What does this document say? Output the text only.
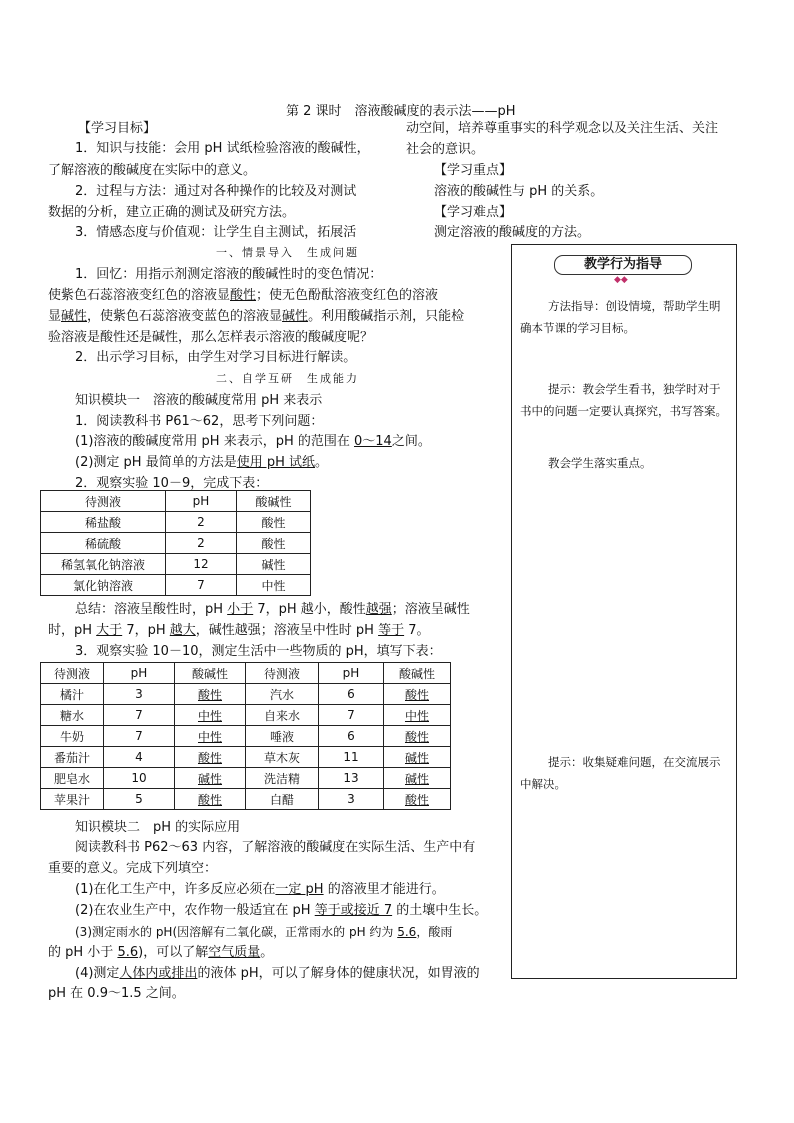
第 2 课时　溶液酸碱度的表示法——pH
【学习目标】
1．知识与技能：会用 pH 试纸检验溶液的酸碱性，
了解溶液的酸碱度在实际中的意义。
2．过程与方法：通过对各种操作的比较及对测试
数据的分析，建立正确的测试及研究方法。
3．情感态度与价值观：让学生自主测试，拓展活
动空间，培养尊重事实的科学观念以及关注生活、关注
社会的意识。
【学习重点】
溶液的酸碱性与 pH 的关系。
【学习难点】
测定溶液的酸碱度的方法。
一、情景导入　生成问题
1．回忆：用指示剂测定溶液的酸碱性时的变色情况：
使紫色石蕊溶液变红色的溶液显酸性；使无色酚酞溶液变红色的溶液
显碱性，使紫色石蕊溶液变蓝色的溶液显碱性。利用酸碱指示剂，只能检
验溶液是酸性还是碱性，那么怎样表示溶液的酸碱度呢？
2．出示学习目标，由学生对学习目标进行解读。
二、自学互研　生成能力
知识模块一　溶液的酸碱度常用 pH 来表示
1．阅读教科书 P61～62，思考下列问题：
(1)溶液的酸碱度常用 pH 来表示，pH 的范围在 0～14之间。
(2)测定 pH 最简单的方法是使用 pH 试纸。
2．观察实验 10－9，完成下表：
待测液	pH	酸碱性
稀盐酸	2	酸性
稀硫酸	2	酸性
稀氢氧化钠溶液	12	碱性
氯化钠溶液	7	中性
总结：溶液呈酸性时，pH 小于 7，pH 越小，酸性越强；溶液呈碱性
时，pH 大于 7，pH 越大，碱性越强；溶液呈中性时 pH 等于 7。
3．观察实验 10－10，测定生活中一些物质的 pH，填写下表：
待测液	pH	酸碱性	待测液	pH	酸碱性
橘汁	3	酸性	汽水	6	酸性
糖水	7	中性	自来水	7	中性
牛奶	7	中性	唾液	6	酸性
番茄汁	4	酸性	草木灰	11	碱性
肥皂水	10	碱性	洗洁精	13	碱性
苹果汁	5	酸性	白醋	3	酸性
知识模块二　pH 的实际应用
阅读教科书 P62～63 内容，了解溶液的酸碱度在实际生活、生产中有
重要的意义。完成下列填空：
(1)在化工生产中，许多反应必须在一定 pH 的溶液里才能进行。
(2)在农业生产中，农作物一般适宜在 pH 等于或接近 7 的土壤中生长。
(3)测定雨水的 pH(因溶解有二氧化碳，正常雨水的 pH 约为 5.6，酸雨
的 pH 小于 5.6)，可以了解空气质量。
(4)测定人体内或排出的液体 pH，可以了解身体的健康状况，如胃液的
pH 在 0.9～1.5 之间。
教学行为指导
◆◆
方法指导：创设情境，帮助学生明确本节课的学习目标。
提示：教会学生看书，独学时对于书中的问题一定要认真探究，书写答案。
教会学生落实重点。
提示：收集疑难问题，在交流展示中解决。
